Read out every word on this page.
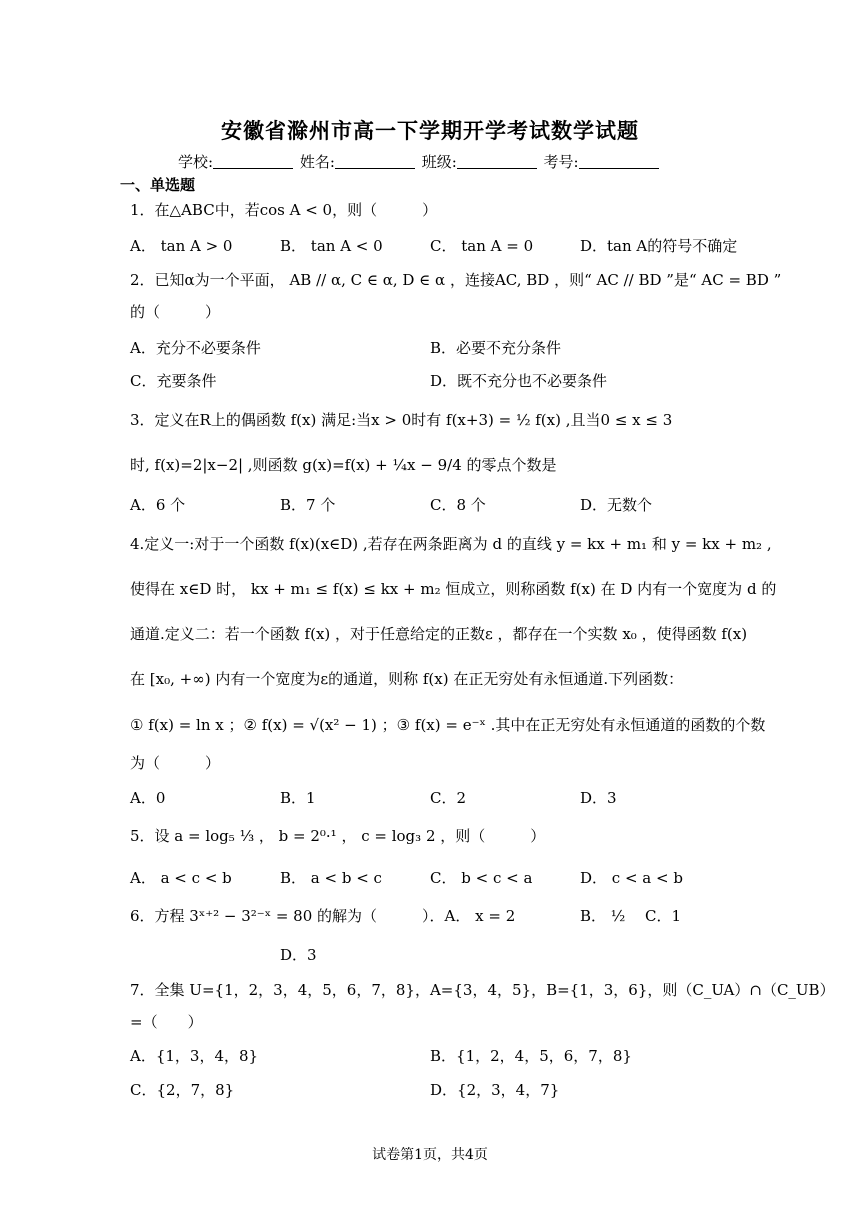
安徽省滁州市高一下学期开学考试数学试题
学校:	姓名:	班级:	考号:
一、单选题
1．在△ABC中，若cos A < 0，则（　　　）
A． tan A > 0	B． tan A < 0	C． tan A = 0	D．tan A的符号不确定
2．已知α为一个平面， AB // α, C ∈ α, D ∈ α ，连接AC, BD ，则“ AC // BD ”是“ AC = BD ”
的（　　　）
A．充分不必要条件	B．必要不充分条件
C．充要条件	D．既不充分也不必要条件
3．定义在R上的偶函数 f(x) 满足:当x > 0时有 f(x+3) = ½ f(x) ,且当0 ≤ x ≤ 3
时, f(x)=2|x−2| ,则函数 g(x)=f(x) + ¼x − 9/4 的零点个数是
A．6 个	B．7 个	C．8 个	D．无数个
4.定义一:对于一个函数 f(x)(x∈D) ,若存在两条距离为 d 的直线 y = kx + m₁ 和 y = kx + m₂ ,
使得在 x∈D 时， kx + m₁ ≤ f(x) ≤ kx + m₂ 恒成立，则称函数 f(x) 在 D 内有一个宽度为 d 的
通道.定义二：若一个函数 f(x) ，对于任意给定的正数ε ，都存在一个实数 x₀ ，使得函数 f(x)
在 [x₀, +∞) 内有一个宽度为ε的通道，则称 f(x) 在正无穷处有永恒通道.下列函数：
① f(x) = ln x ；② f(x) = √(x² − 1) ；③ f(x) = e⁻ˣ .其中在正无穷处有永恒通道的函数的个数
为（　　　）
A．0	B．1	C．2	D．3
5．设 a = log₅ ⅓ ， b = 2⁰·¹ ， c = log₃ 2 ，则（　　　）
A． a < c < b	B． a < b < c	C． b < c < a	D． c < a < b
6．方程 3ˣ⁺² − 3²⁻ˣ = 80 的解为（　　　）．A． x = 2	B． ½ C．1
D．3
7．全集 U={1，2，3，4，5，6，7，8}，A={3，4，5}，B={1，3，6}，则（C_UA）∩（C_UB）
=（　　）
A．{1，3，4，8}	B．{1，2，4，5，6，7，8}
C．{2，7，8}	D．{2，3，4，7}
试卷第1页，共4页
